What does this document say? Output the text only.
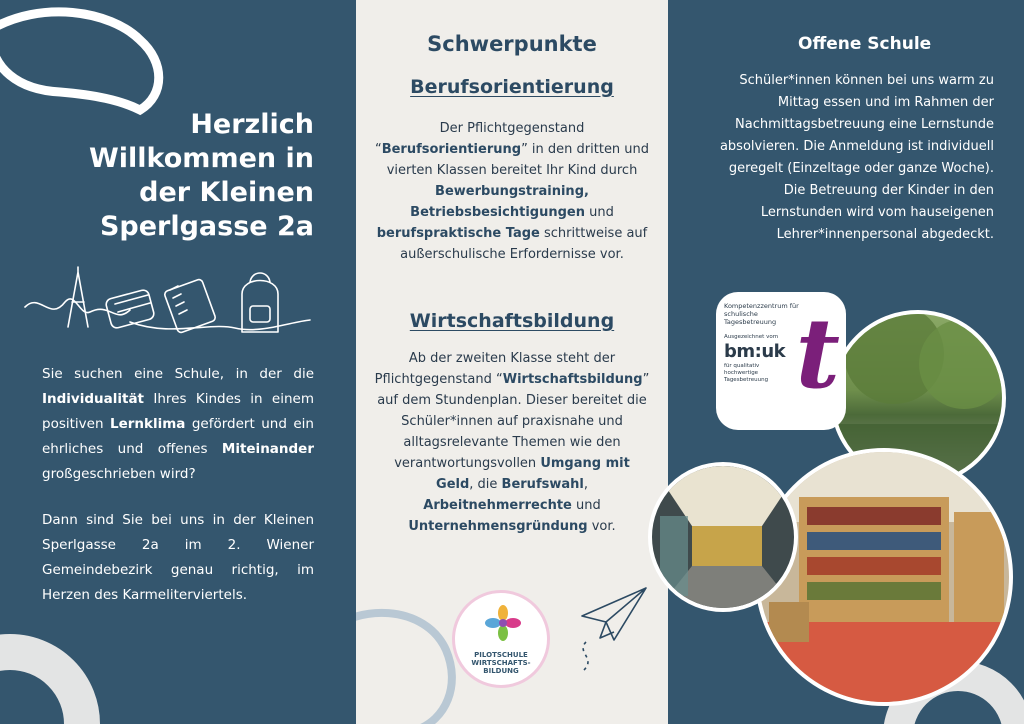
Herzlich
Willkommen in
der Kleinen
Sperlgasse 2a

Sie suchen eine Schule, in der die Individualität Ihres Kindes in einem positiven Lernklima gefördert und ein ehrliches und offenes Miteinander großgeschrieben wird?

Dann sind Sie bei uns in der Kleinen Sperlgasse 2a im 2. Wiener Gemeindebezirk genau richtig, im Herzen des Karmeliterviertels.

Schwerpunkte
Berufsorientierung

Der Pflichtgegenstand “Berufsorientierung” in den dritten und vierten Klassen bereitet Ihr Kind durch Bewerbungstraining, Betriebsbesichtigungen und berufspraktische Tage schrittweise auf außerschulische Erfordernisse vor.

Wirtschaftsbildung

Ab der zweiten Klasse steht der Pflichtgegenstand “Wirtschaftsbildung” auf dem Stundenplan. Dieser bereitet die Schüler*innen auf praxisnahe und alltagsrelevante Themen wie den verantwortungsvollen Umgang mit Geld, die Berufswahl, Arbeitnehmerrechte und Unternehmensgründung vor.

PILOTSCHULE WIRTSCHAFTS-BILDUNG
Offene Schule

Schüler*innen können bei uns warm zu Mittag essen und im Rahmen der Nachmittagsbetreuung eine Lernstunde absolvieren. Die Anmeldung ist individuell geregelt (Einzeltage oder ganze Woche). Die Betreuung der Kinder in den Lernstunden wird vom hauseigenen Lehrer*innenpersonal abgedeckt.

Kompetenzzentrum für schulische Tagesbetreuung
Ausgezeichnet vom
bm:uk
für qualitativ hochwertige Tagesbetreuung t
